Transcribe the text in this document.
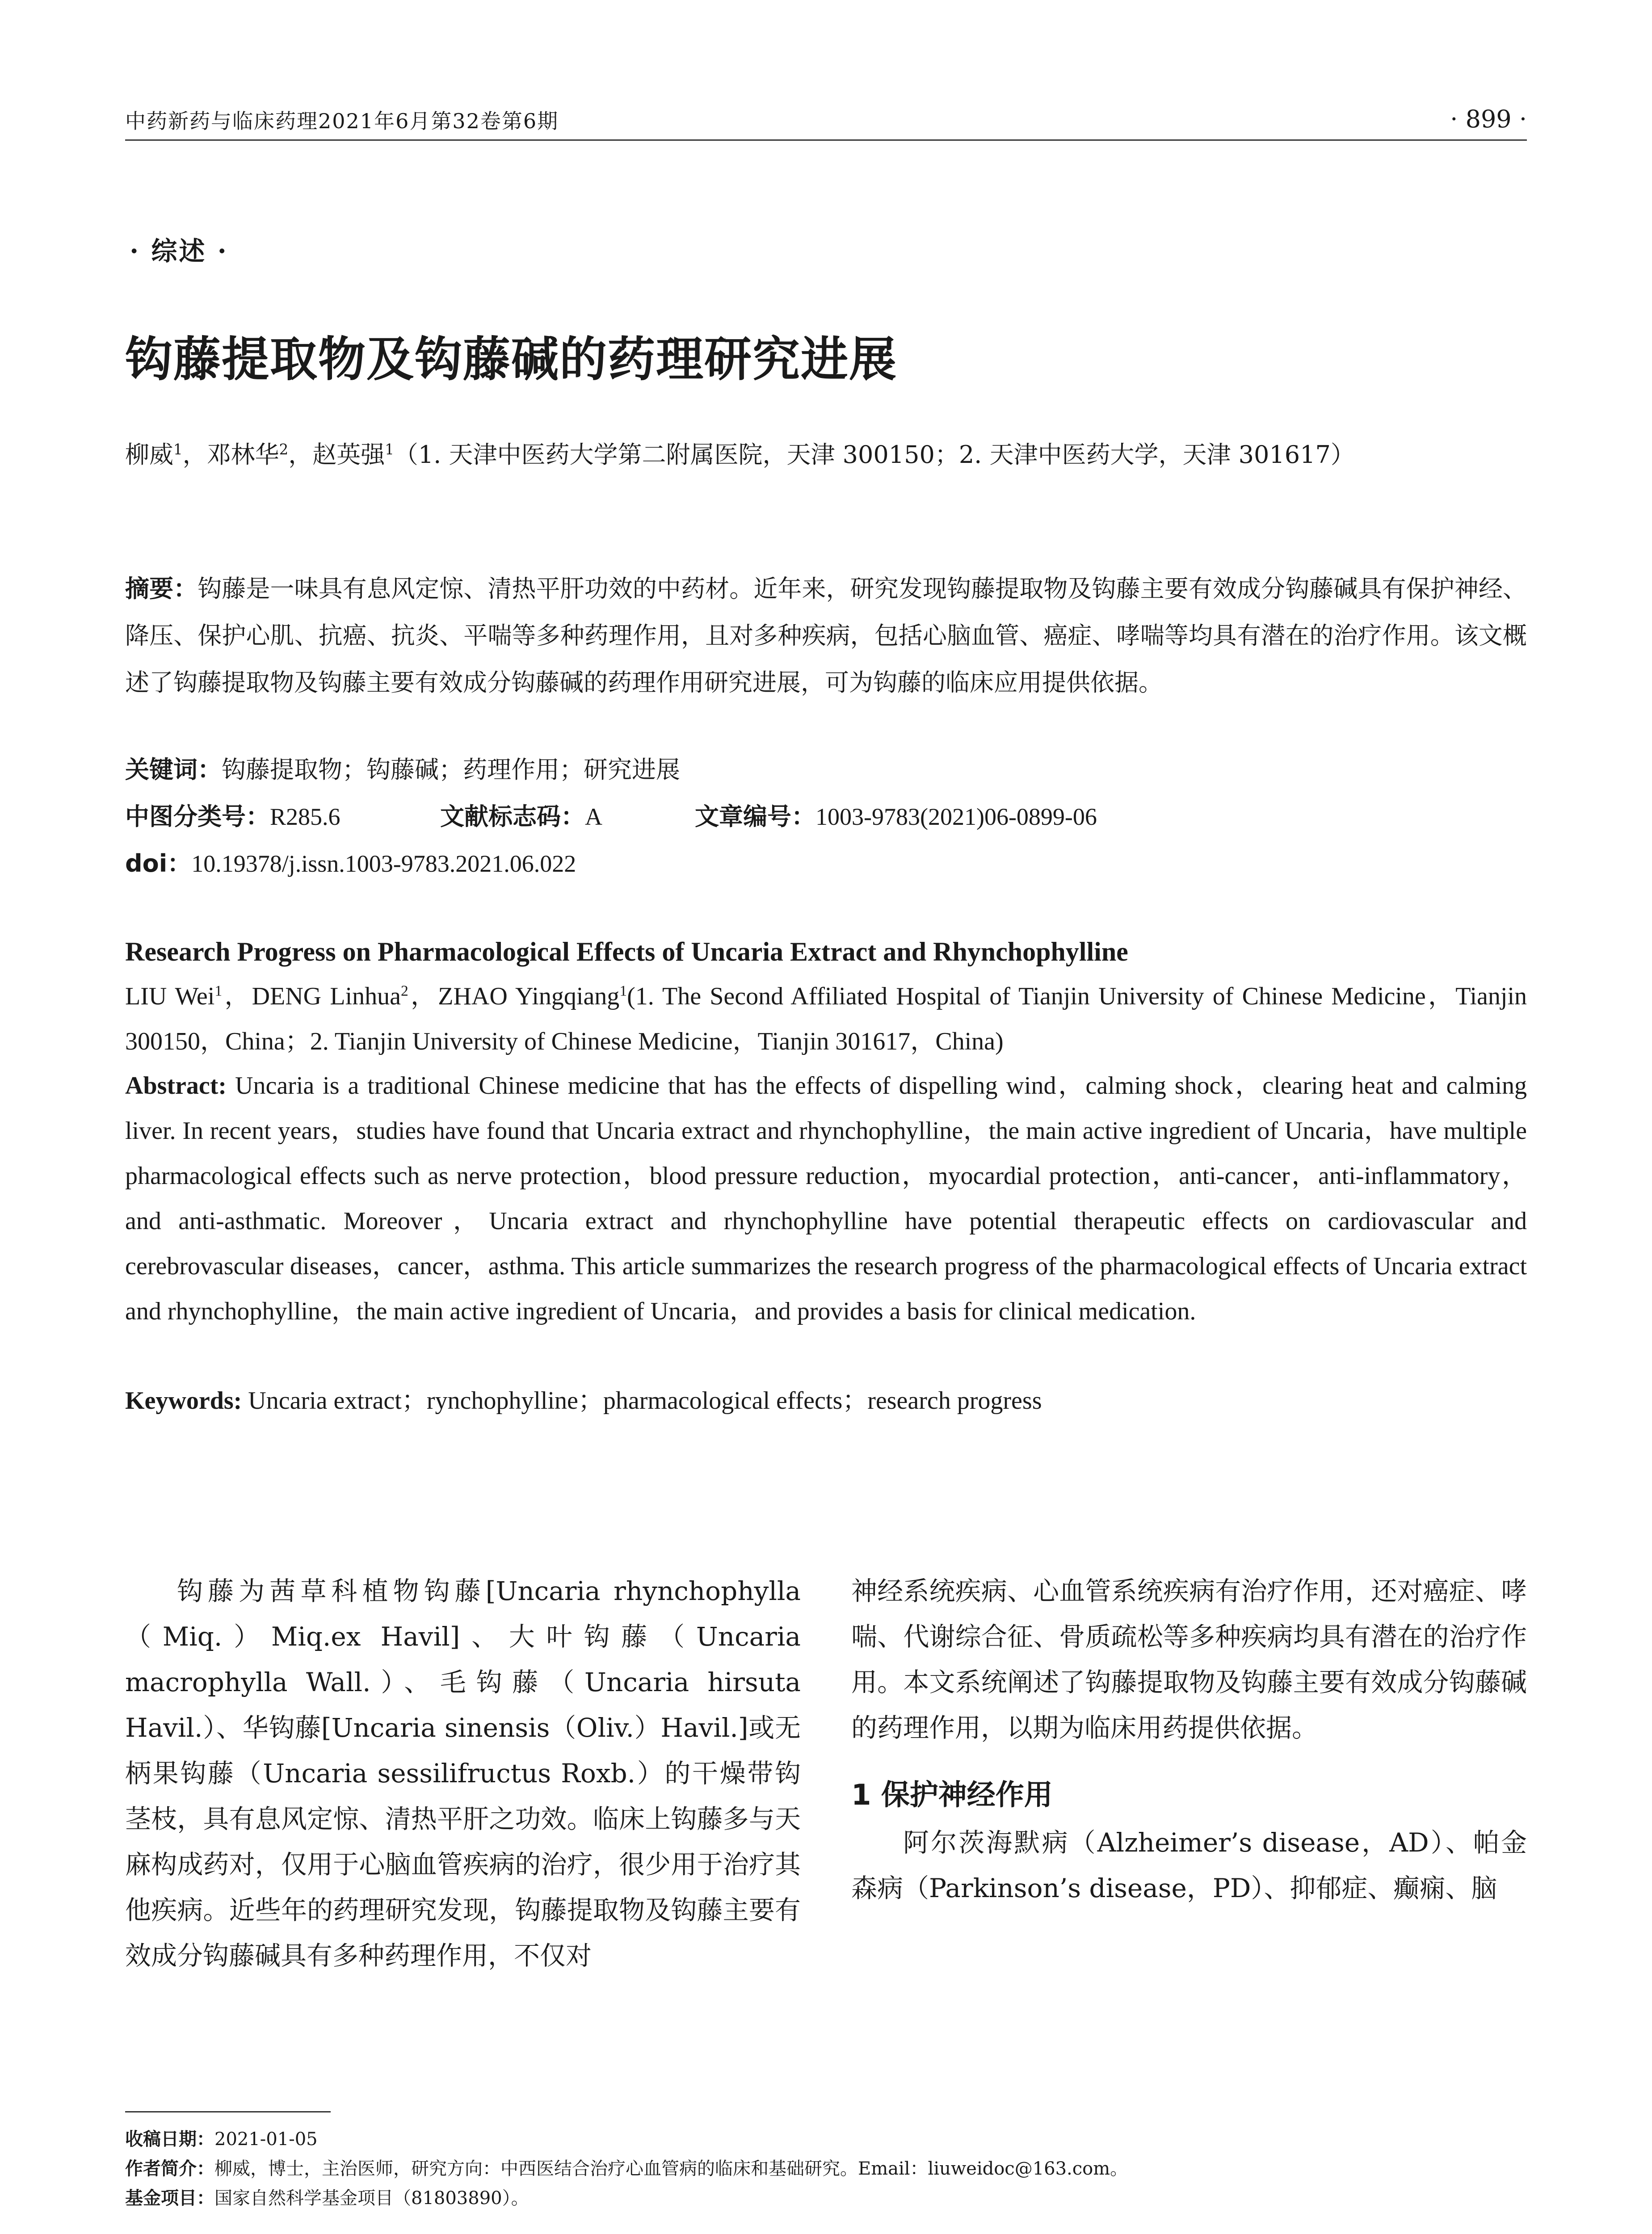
中药新药与临床药理2021年6月第32卷第6期	· 899 ·
· 综述 ·
钩藤提取物及钩藤碱的药理研究进展
柳威$^1$，邓林华$^2$，赵英强$^1$（1. 天津中医药大学第二附属医院，天津 300150；2. 天津中医药大学，天津 301617）
摘要：钩藤是一味具有息风定惊、清热平肝功效的中药材。近年来，研究发现钩藤提取物及钩藤主要有效成分钩藤碱具有保护神经、降压、保护心肌、抗癌、抗炎、平喘等多种药理作用，且对多种疾病，包括心脑血管、癌症、哮喘等均具有潜在的治疗作用。该文概述了钩藤提取物及钩藤主要有效成分钩藤碱的药理作用研究进展，可为钩藤的临床应用提供依据。
关键词：钩藤提取物；钩藤碱；药理作用；研究进展
中图分类号：R285.6	文献标志码：A	文章编号：1003-9783(2021)06-0899-06
doi：10.19378/j.issn.1003-9783.2021.06.022
Research Progress on Pharmacological Effects of Uncaria Extract and Rhynchophylline
LIU Wei$^1$，DENG Linhua$^2$，ZHAO Yingqiang$^1$(1. The Second Affiliated Hospital of Tianjin University of Chinese Medicine，Tianjin 300150，China；2. Tianjin University of Chinese Medicine，Tianjin 301617，China)
Abstract: Uncaria is a traditional Chinese medicine that has the effects of dispelling wind，calming shock，clearing heat and calming liver. In recent years，studies have found that Uncaria extract and rhynchophylline，the main active ingredient of Uncaria，have multiple pharmacological effects such as nerve protection，blood pressure reduction，myocardial protection，anti-cancer，anti-inflammatory，and anti-asthmatic. Moreover，Uncaria extract and rhynchophylline have potential therapeutic effects on cardiovascular and cerebrovascular diseases，cancer，asthma. This article summarizes the research progress of the pharmacological effects of Uncaria extract and rhynchophylline，the main active ingredient of Uncaria，and provides a basis for clinical medication.
Keywords: Uncaria extract；rynchophylline；pharmacological effects；research progress

钩藤为茜草科植物钩藤[Uncaria rhynchophylla（Miq.）Miq.ex Havil]、大叶钩藤（Uncaria macrophylla Wall.）、毛钩藤（Uncaria hirsuta Havil.）、华钩藤[Uncaria sinensis（Oliv.）Havil.]或无柄果钩藤（Uncaria sessilifructus Roxb.）的干燥带钩茎枝，具有息风定惊、清热平肝之功效。临床上钩藤多与天麻构成药对，仅用于心脑血管疾病的治疗，很少用于治疗其他疾病。近些年的药理研究发现，钩藤提取物及钩藤主要有效成分钩藤碱具有多种药理作用，不仅对

神经系统疾病、心血管系统疾病有治疗作用，还对癌症、哮喘、代谢综合征、骨质疏松等多种疾病均具有潜在的治疗作用。本文系统阐述了钩藤提取物及钩藤主要有效成分钩藤碱的药理作用，以期为临床用药提供依据。

1 保护神经作用

阿尔茨海默病（Alzheimer’s disease，AD）、帕金森病（Parkinson’s disease，PD）、抑郁症、癫痫、脑

收稿日期：2021-01-05
作者简介：柳威，博士，主治医师，研究方向：中西医结合治疗心血管病的临床和基础研究。Email：liuweidoc@163.com。
基金项目：国家自然科学基金项目（81803890）。
